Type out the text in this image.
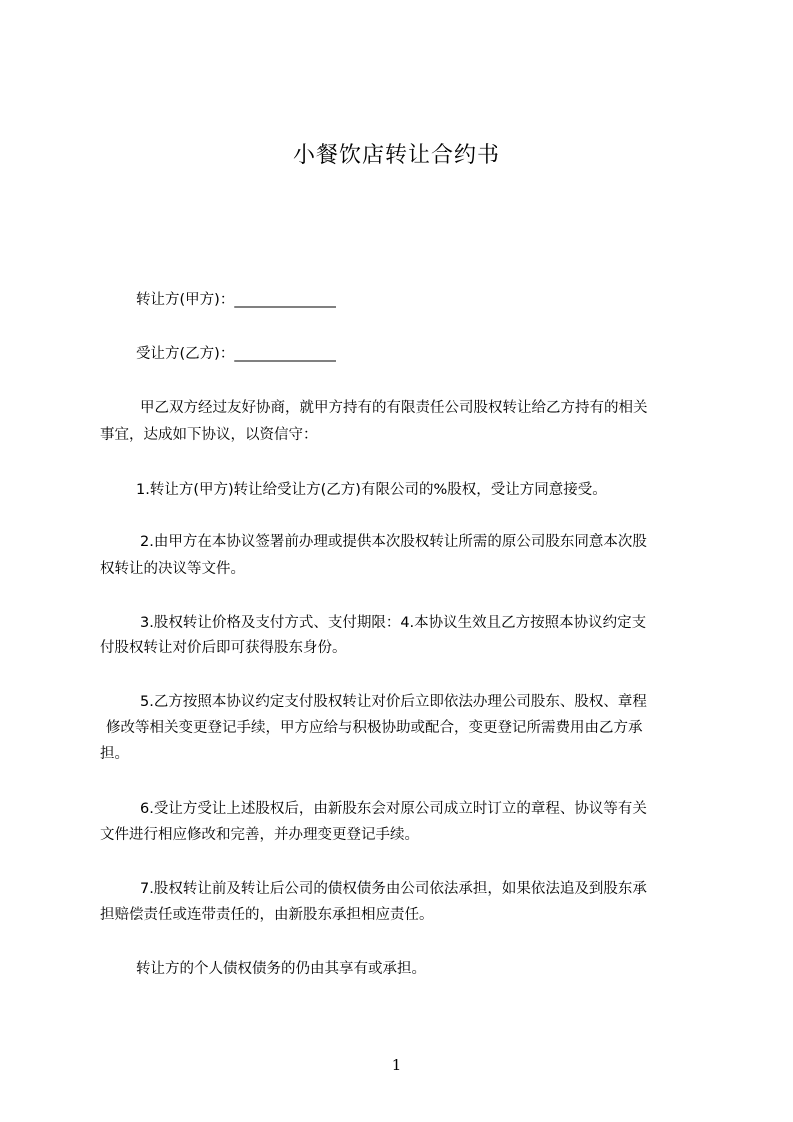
小餐饮店转让合约书
转让方(甲方)：______________
受让方(乙方)：______________
甲乙双方经过友好协商，就甲方持有的有限责任公司股权转让给乙方持有的相关
事宜，达成如下协议，以资信守：
1.转让方(甲方)转让给受让方(乙方)有限公司的%股权，受让方同意接受。
2.由甲方在本协议签署前办理或提供本次股权转让所需的原公司股东同意本次股
权转让的决议等文件。
3.股权转让价格及支付方式、支付期限：4.本协议生效且乙方按照本协议约定支
付股权转让对价后即可获得股东身份。
5.乙方按照本协议约定支付股权转让对价后立即依法办理公司股东、股权、章程
修改等相关变更登记手续，甲方应给与积极协助或配合，变更登记所需费用由乙方承
担。
6.受让方受让上述股权后，由新股东会对原公司成立时订立的章程、协议等有关
文件进行相应修改和完善，并办理变更登记手续。
7.股权转让前及转让后公司的债权债务由公司依法承担，如果依法追及到股东承
担赔偿责任或连带责任的，由新股东承担相应责任。
转让方的个人债权债务的仍由其享有或承担。
1
